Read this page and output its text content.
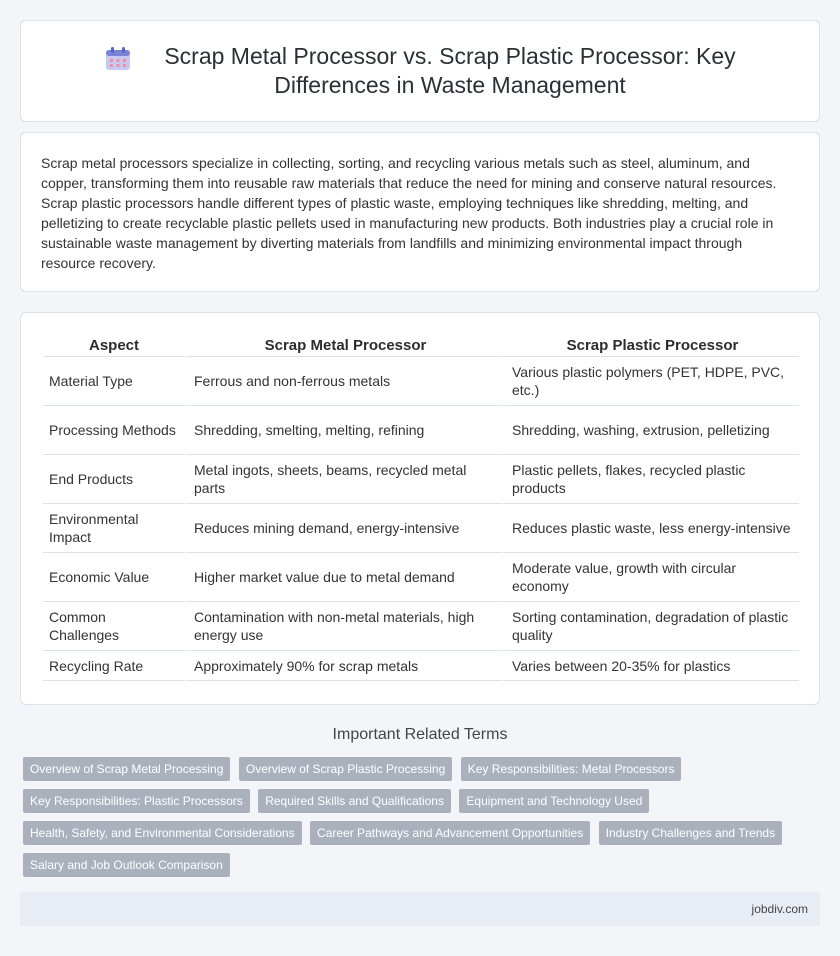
Scrap Metal Processor vs. Scrap Plastic Processor: Key Differences in Waste Management

Scrap metal processors specialize in collecting, sorting, and recycling various metals such as steel, aluminum, and copper, transforming them into reusable raw materials that reduce the need for mining and conserve natural resources. Scrap plastic processors handle different types of plastic waste, employing techniques like shredding, melting, and pelletizing to create recyclable plastic pellets used in manufacturing new products. Both industries play a crucial role in sustainable waste management by diverting materials from landfills and minimizing environmental impact through resource recovery.

Aspect	Scrap Metal Processor	Scrap Plastic Processor
Material Type	Ferrous and non-ferrous metals	Various plastic polymers (PET, HDPE, PVC, etc.)
Processing Methods	Shredding, smelting, melting, refining	Shredding, washing, extrusion, pelletizing
End Products	Metal ingots, sheets, beams, recycled metal parts	Plastic pellets, flakes, recycled plastic products
Environmental Impact	Reduces mining demand, energy-intensive	Reduces plastic waste, less energy-intensive
Economic Value	Higher market value due to metal demand	Moderate value, growth with circular economy
Common Challenges	Contamination with non-metal materials, high energy use	Sorting contamination, degradation of plastic quality
Recycling Rate	Approximately 90% for scrap metals	Varies between 20-35% for plastics
Important Related Terms
Overview of Scrap Metal Processing Overview of Scrap Plastic Processing Key Responsibilities: Metal Processors Key Responsibilities: Plastic Processors Required Skills and Qualifications Equipment and Technology Used Health, Safety, and Environmental Considerations Career Pathways and Advancement Opportunities Industry Challenges and Trends Salary and Job Outlook Comparison
jobdiv.com
